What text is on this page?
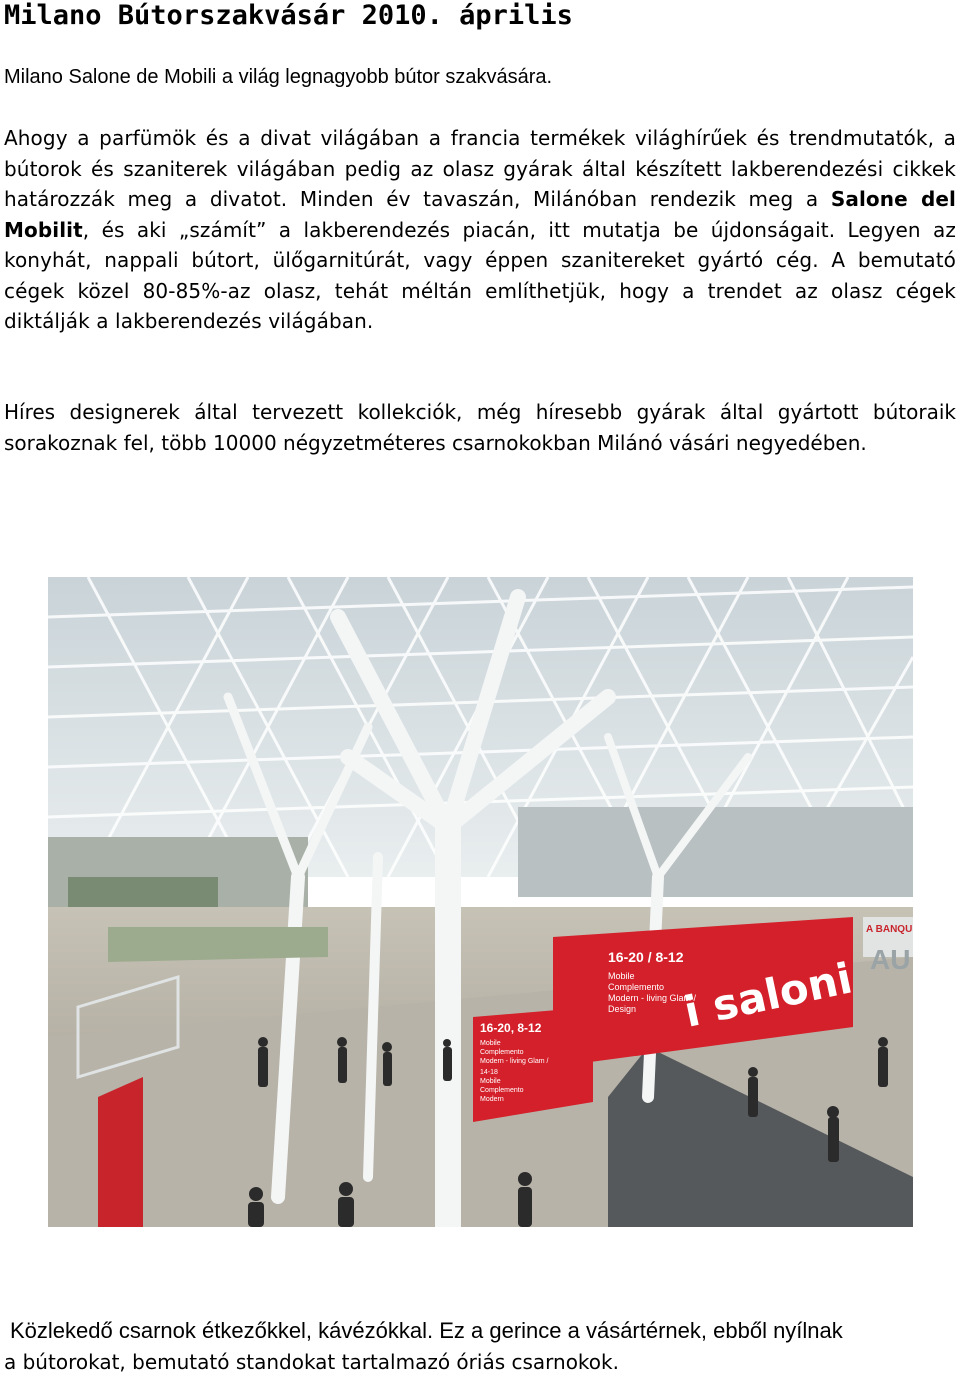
Milano Bútorszakvásár 2010. április

Milano Salone de Mobili a világ legnagyobb bútor szakvására.

Ahogy a parfümök és a divat világában a francia termékek világhírűek és trendmutatók, a bútorok és szaniterek világában pedig az olasz gyárak által készített lakberendezési cikkek határozzák meg a divatot. Minden év tavaszán, Milánóban rendezik meg a Salone del Mobilit, és aki „számít” a lakberendezés piacán, itt mutatja be újdonságait. Legyen az konyhát, nappali bútort, ülőgarnitúrát, vagy éppen szanitereket gyártó cég. A bemutató cégek közel 80-85%-az olasz, tehát méltán említhetjük, hogy a trendet az olasz cégek diktálják a lakberendezés világában.

Híres designerek által tervezett kollekciók, még híresebb gyárak által gyártott bútoraik sorakoznak fel, több 10000 négyzetméteres csarnokokban Milánó vásári negyedében.

16-20 / 8-12
Mobile
Complemento
Modern - living Glam /
Design i saloni
16-20, 8-12
Mobile
Complemento
Modern - living Glam /
14-18
Mobile
Complemento
Modern
A BANQU
AU

Közlekedő csarnok étkezőkkel, kávézókkal. Ez a gerince a vásártérnek, ebből nyílnak
a bútorokat, bemutató standokat tartalmazó óriás csarnokok.
